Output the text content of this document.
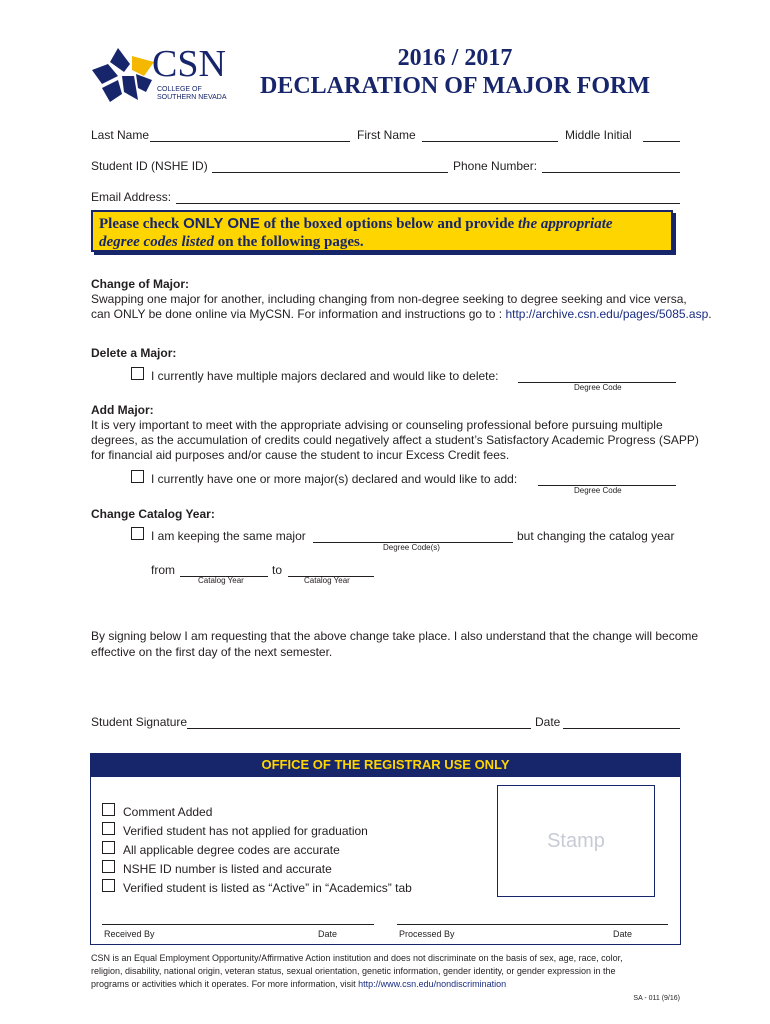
CSN
COLLEGE OF
SOUTHERN NEVADA
2016 / 2017
DECLARATION OF MAJOR FORM
Last Name	First Name	Middle Initial
Student ID (NSHE ID)	Phone Number:
Email Address:
Please check ONLY ONE of the boxed options below and provide the appropriate
degree codes listed on the following pages.
Change of Major:
Swapping one major for another, including changing from non-degree seeking to degree seeking and vice versa,
can ONLY be done online via MyCSN. For information and instructions go to : http://archive.csn.edu/pages/5085.asp.
Delete a Major:
I currently have multiple majors declared and would like to delete:
Degree Code
Add Major:
It is very important to meet with the appropriate advising or counseling professional before pursuing multiple
degrees, as the accumulation of credits could negatively affect a student’s Satisfactory Academic Progress (SAPP)
for financial aid purposes and/or cause the student to incur Excess Credit fees.
I currently have one or more major(s) declared and would like to add:
Degree Code
Change Catalog Year:
I am keeping the same major
Degree Code(s)
but changing the catalog year
from
Catalog Year
to
Catalog Year
By signing below I am requesting that the above change take place. I also understand that the change will become
effective on the first day of the next semester.
Student Signature	Date
OFFICE OF THE REGISTRAR USE ONLY
Comment Added
Verified student has not applied for graduation
All applicable degree codes are accurate
NSHE ID number is listed and accurate
Verified student is listed as “Active” in “Academics” tab
Stamp
Received By	Date	Processed By	Date
CSN is an Equal Employment Opportunity/Affirmative Action institution and does not discriminate on the basis of sex, age, race, color,
religion, disability, national origin, veteran status, sexual orientation, genetic information, gender identity, or gender expression in the
programs or activities which it operates. For more information, visit http://www.csn.edu/nondiscrimination
SA - 011 (9/16)
